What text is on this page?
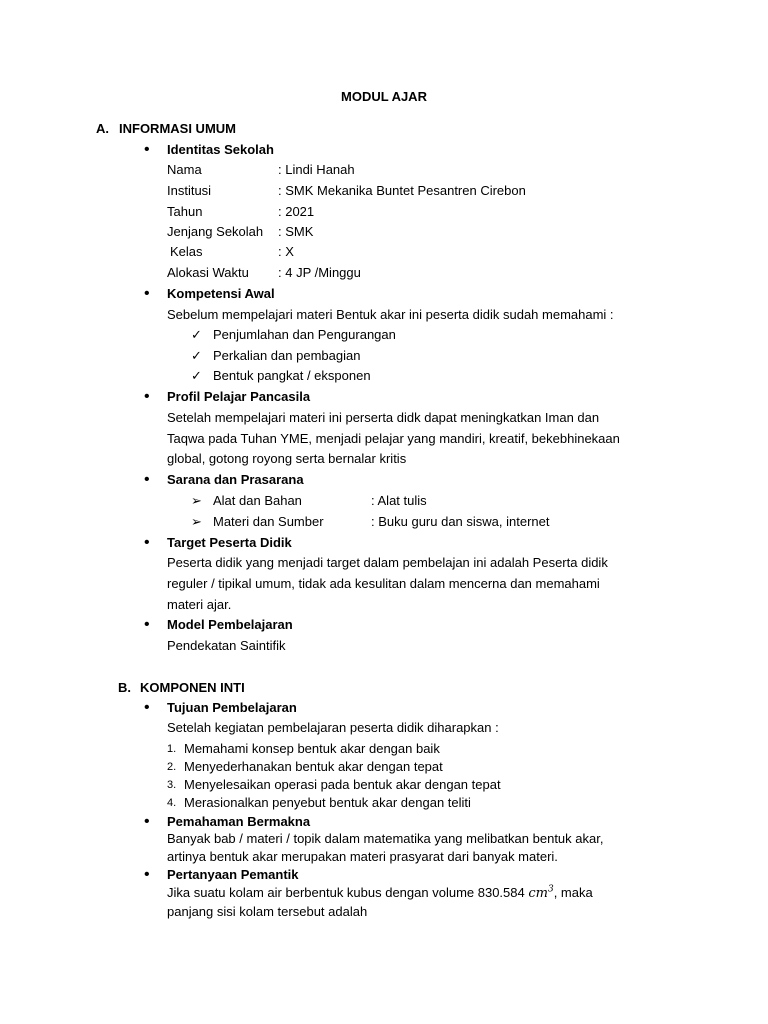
MODUL AJAR
A. INFORMASI UMUM
• Identitas Sekolah
Nama	: Lindi Hanah
Institusi	: SMK Mekanika Buntet Pesantren Cirebon
Tahun	: 2021
Jenjang Sekolah : SMK
Kelas	: X
Alokasi Waktu : 4 JP /Minggu
• Kompetensi Awal
Sebelum mempelajari materi Bentuk akar ini peserta didik sudah memahami :
✓ Penjumlahan dan Pengurangan
✓ Perkalian dan pembagian
✓ Bentuk pangkat / eksponen
• Profil Pelajar Pancasila
Setelah mempelajari materi ini perserta didk dapat meningkatkan Iman dan
Taqwa pada Tuhan YME, menjadi pelajar yang mandiri, kreatif, bekebhinekaan
global, gotong royong serta bernalar kritis
• Sarana dan Prasarana
➢ Alat dan Bahan	: Alat tulis
➢ Materi dan Sumber	: Buku guru dan siswa, internet
• Target Peserta Didik
Peserta didik yang menjadi target dalam pembelajan ini adalah Peserta didik
reguler / tipikal umum, tidak ada kesulitan dalam mencerna dan memahami
materi ajar.
• Model Pembelajaran
Pendekatan Saintifik
B. KOMPONEN INTI
• Tujuan Pembelajaran
Setelah kegiatan pembelajaran peserta didik diharapkan :
1. Memahami konsep bentuk akar dengan baik
2. Menyederhanakan bentuk akar dengan tepat
3. Menyelesaikan operasi pada bentuk akar dengan tepat
4. Merasionalkan penyebut bentuk akar dengan teliti
• Pemahaman Bermakna
Banyak bab / materi / topik dalam matematika yang melibatkan bentuk akar,
artinya bentuk akar merupakan materi prasyarat dari banyak materi.
• Pertanyaan Pemantik
Jika suatu kolam air berbentuk kubus dengan volume 830.584 $cm^3$, maka
panjang sisi kolam tersebut adalah
